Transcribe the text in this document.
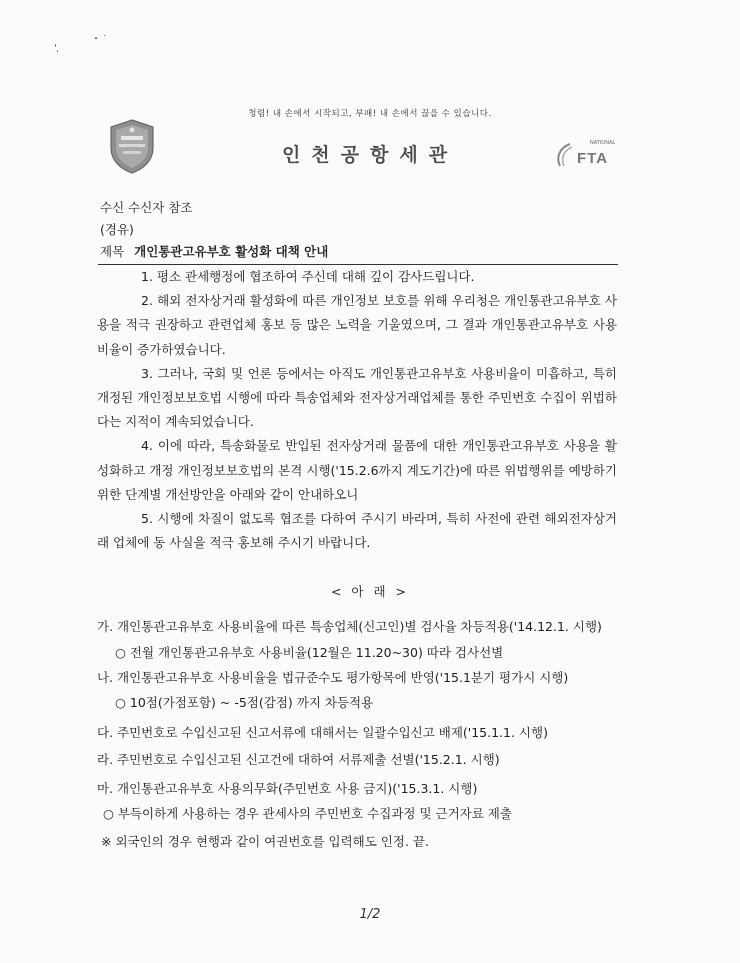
청렴! 내 손에서 시작되고, 부패! 내 손에서 끊을 수 있습니다.
인천공항세관
NATIONAL
FTA
수신 수신자 참조
(경유)
제목 개인통관고유부호 활성화 대책 안내

1. 평소 관세행정에 협조하여 주신데 대해 깊이 감사드립니다.

2. 해외 전자상거래 활성화에 따른 개인정보 보호를 위해 우리청은 개인통관고유부호 사용을 적극 권장하고 관련업체 홍보 등 많은 노력을 기울였으며, 그 결과 개인통관고유부호 사용비율이 증가하였습니다.

3. 그러나, 국회 및 언론 등에서는 아직도 개인통관고유부호 사용비율이 미흡하고, 특히 개정된 개인정보보호법 시행에 따라 특송업체와 전자상거래업체를 통한 주민번호 수집이 위법하다는 지적이 계속되었습니다.

4. 이에 따라, 특송화물로 반입된 전자상거래 물품에 대한 개인통관고유부호 사용을 활성화하고 개정 개인정보보호법의 본격 시행('15.2.6까지 계도기간)에 따른 위법행위를 예방하기 위한 단계별 개선방안을 아래와 같이 안내하오니

5. 시행에 차질이 없도록 협조를 다하여 주시기 바라며, 특히 사전에 관련 해외전자상거래 업체에 동 사실을 적극 홍보해 주시기 바랍니다.

< 아 래 >
가. 개인통관고유부호 사용비율에 따른 특송업체(신고인)별 검사율 차등적용('14.12.1. 시행)
○ 전월 개인통관고유부호 사용비율(12월은 11.20~30) 따라 검사선별
나. 개인통관고유부호 사용비율을 법규준수도 평가항목에 반영('15.1분기 평가시 시행)
○ 10점(가점포함) ~ -5점(감점) 까지 차등적용
다. 주민번호로 수입신고된 신고서류에 대해서는 일괄수입신고 배제('15.1.1. 시행)
라. 주민번호로 수입신고된 신고건에 대하여 서류제출 선별('15.2.1. 시행)
마. 개인통관고유부호 사용의무화(주민번호 사용 금지)('15.3.1. 시행)
○ 부득이하게 사용하는 경우 관세사의 주민번호 수집과정 및 근거자료 제출
※ 외국인의 경우 현행과 같이 여권번호를 입력해도 인정. 끝.
1/2
